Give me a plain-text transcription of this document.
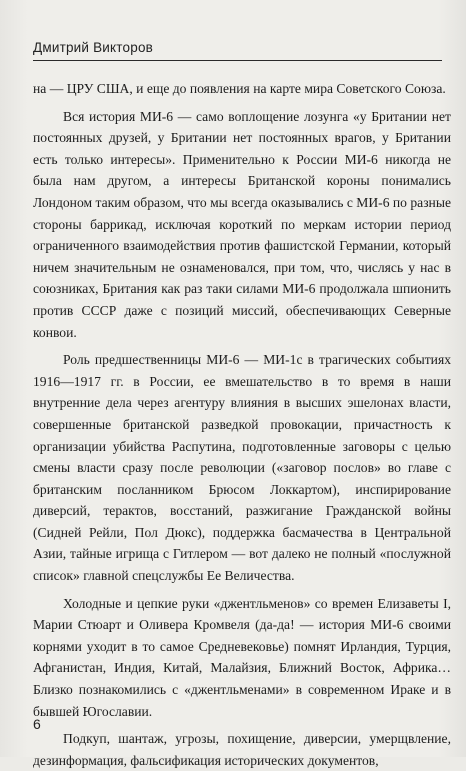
Дмитрий Викторов

на — ЦРУ США, и еще до появления на карте мира Советского Союза.

Вся история МИ-6 — само воплощение лозунга «у Британии нет постоянных друзей, у Британии нет постоянных врагов, у Британии есть только интересы». Применительно к России МИ-6 никогда не была нам другом, а интересы Британской короны понимались Лондоном таким образом, что мы всегда оказывались с МИ-6 по разные стороны баррикад, исключая короткий по меркам истории период ограниченного взаимодействия против фашистской Германии, который ничем значительным не ознаменовался, при том, что, числясь у нас в союзниках, Британия как раз таки силами МИ-6 продолжала шпионить против СССР даже с позиций миссий, обеспечивающих Северные конвои.

Роль предшественницы МИ-6 — МИ-1с в трагических событиях 1916—1917 гг. в России, ее вмешательство в то время в наши внутренние дела через агентуру влияния в высших эшелонах власти, совершенные британской разведкой провокации, причастность к организации убийства Распутина, подготовленные заговоры с целью смены власти сразу после революции («заговор послов» во главе с британским посланником Брюсом Локкартом), инспирирование диверсий, терактов, восстаний, разжигание Гражданской войны (Сидней Рейли, Пол Дюкс), поддержка басмачества в Центральной Азии, тайные игрища с Гитлером — вот далеко не полный «послужной список» главной спецслужбы Ее Величества.

Холодные и цепкие руки «джентльменов» со времен Елизаветы I, Марии Стюарт и Оливера Кромвеля (да-да! — история МИ-6 своими корнями уходит в то самое Средневековье) помнят Ирландия, Турция, Афганистан, Индия, Китай, Малайзия, Ближний Восток, Африка… Близко познакомились с «джентльменами» в современном Ираке и в бывшей Югославии.

Подкуп, шантаж, угрозы, похищение, диверсии, умерщвление, дезинформация, фальсификация исторических документов,

6
